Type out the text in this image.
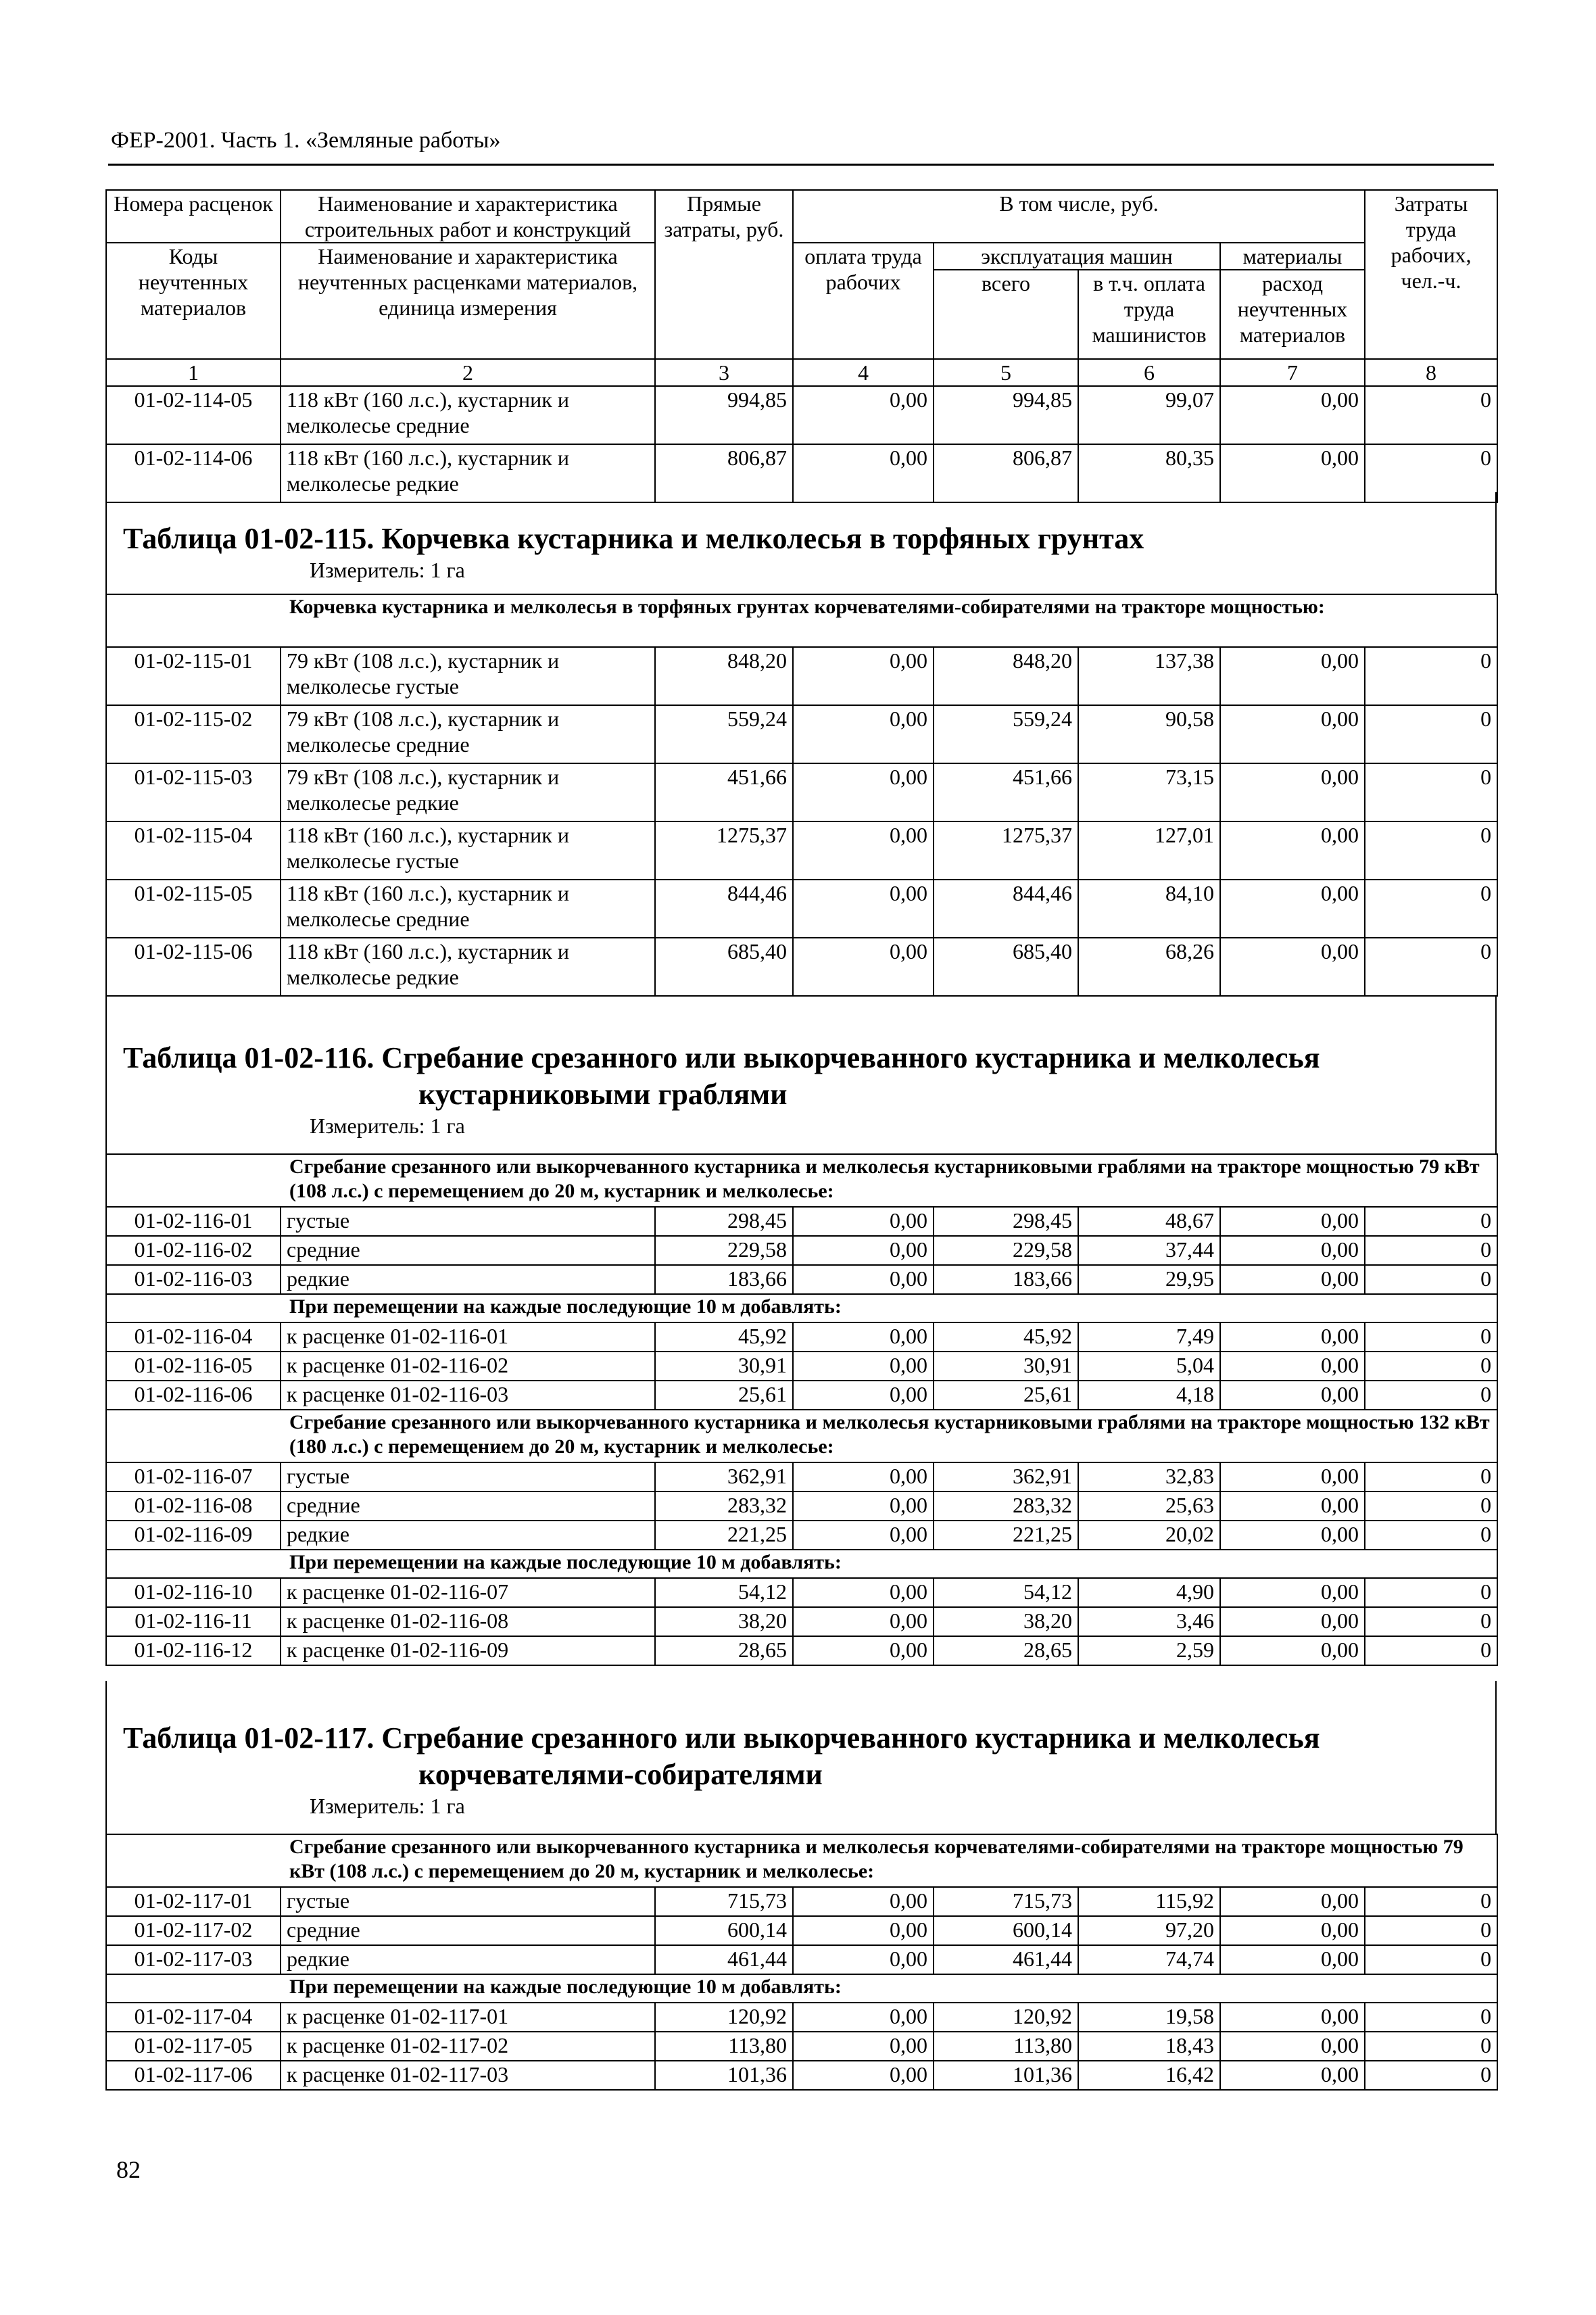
ФЕР-2001. Часть 1. «Земляные работы»
Номера расценок	Наименование и характеристика строительных работ и конструкций	Прямые затраты, руб.	В том числе, руб.				Затраты труда рабочих, чел.-ч.
Коды неучтенных материалов	Наименование и характеристика неучтенных расценками материалов, единица измерения		оплата труда рабочих	эксплуатация машин		материалы	
				всего	в т.ч. оплата труда машинистов	расход неучтенных материалов	
1	2	3	4	5	6	7	8
01-02-114-05	118 кВт (160 л.с.), кустарник и мелколесье средние	994,85	0,00	994,85	99,07	0,00	0
01-02-114-06	118 кВт (160 л.с.), кустарник и мелколесье редкие	806,87	0,00	806,87	80,35	0,00	0
Таблица 01-02-115. Корчевка кустарника и мелколесья в торфяных грунтах
Измеритель: 1 га
Корчевка кустарника и мелколесья в торфяных грунтах корчевателями-собирателями на тракторе мощностью:							
01-02-115-01	79 кВт (108 л.с.), кустарник и мелколесье густые	848,20	0,00	848,20	137,38	0,00	0
01-02-115-02	79 кВт (108 л.с.), кустарник и мелколесье средние	559,24	0,00	559,24	90,58	0,00	0
01-02-115-03	79 кВт (108 л.с.), кустарник и мелколесье редкие	451,66	0,00	451,66	73,15	0,00	0
01-02-115-04	118 кВт (160 л.с.), кустарник и мелколесье густые	1275,37	0,00	1275,37	127,01	0,00	0
01-02-115-05	118 кВт (160 л.с.), кустарник и мелколесье средние	844,46	0,00	844,46	84,10	0,00	0
01-02-115-06	118 кВт (160 л.с.), кустарник и мелколесье редкие	685,40	0,00	685,40	68,26	0,00	0
Таблица 01-02-116. Сгребание срезанного или выкорчеванного кустарника и мелколесья
кустарниковыми граблями
Измеритель: 1 га
Сгребание срезанного или выкорчеванного кустарника и мелколесья кустарниковыми граблями на тракторе мощностью 79 кВт (108 л.с.) с перемещением до 20 м, кустарник и мелколесье:							
01-02-116-01	густые	298,45	0,00	298,45	48,67	0,00	0
01-02-116-02	средние	229,58	0,00	229,58	37,44	0,00	0
01-02-116-03	редкие	183,66	0,00	183,66	29,95	0,00	0
При перемещении на каждые последующие 10 м добавлять:							
01-02-116-04	к расценке 01-02-116-01	45,92	0,00	45,92	7,49	0,00	0
01-02-116-05	к расценке 01-02-116-02	30,91	0,00	30,91	5,04	0,00	0
01-02-116-06	к расценке 01-02-116-03	25,61	0,00	25,61	4,18	0,00	0
Сгребание срезанного или выкорчеванного кустарника и мелколесья кустарниковыми граблями на тракторе мощностью 132 кВт (180 л.с.) с перемещением до 20 м, кустарник и мелколесье:							
01-02-116-07	густые	362,91	0,00	362,91	32,83	0,00	0
01-02-116-08	средние	283,32	0,00	283,32	25,63	0,00	0
01-02-116-09	редкие	221,25	0,00	221,25	20,02	0,00	0
При перемещении на каждые последующие 10 м добавлять:							
01-02-116-10	к расценке 01-02-116-07	54,12	0,00	54,12	4,90	0,00	0
01-02-116-11	к расценке 01-02-116-08	38,20	0,00	38,20	3,46	0,00	0
01-02-116-12	к расценке 01-02-116-09	28,65	0,00	28,65	2,59	0,00	0
Таблица 01-02-117. Сгребание срезанного или выкорчеванного кустарника и мелколесья
корчевателями-собирателями
Измеритель: 1 га
Сгребание срезанного или выкорчеванного кустарника и мелколесья корчевателями-собирателями на тракторе мощностью 79 кВт (108 л.с.) с перемещением до 20 м, кустарник и мелколесье:							
01-02-117-01	густые	715,73	0,00	715,73	115,92	0,00	0
01-02-117-02	средние	600,14	0,00	600,14	97,20	0,00	0
01-02-117-03	редкие	461,44	0,00	461,44	74,74	0,00	0
При перемещении на каждые последующие 10 м добавлять:							
01-02-117-04	к расценке 01-02-117-01	120,92	0,00	120,92	19,58	0,00	0
01-02-117-05	к расценке 01-02-117-02	113,80	0,00	113,80	18,43	0,00	0
01-02-117-06	к расценке 01-02-117-03	101,36	0,00	101,36	16,42	0,00	0
82
